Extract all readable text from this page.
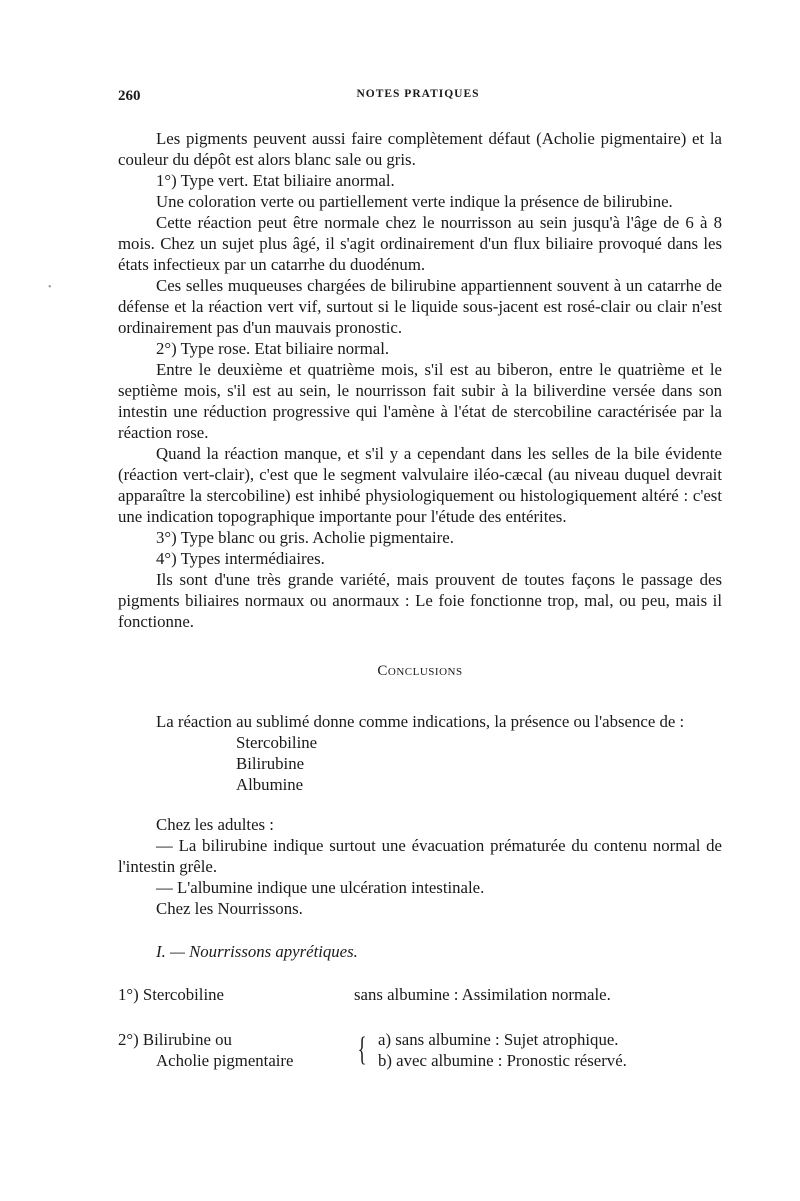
260	NOTES PRATIQUES

Les pigments peuvent aussi faire complètement défaut (Acholie pigmentaire) et la couleur du dépôt est alors blanc sale ou gris.

1°) Type vert. Etat biliaire anormal.

Une coloration verte ou partiellement verte indique la présence de bilirubine.

Cette réaction peut être normale chez le nourrisson au sein jusqu'à l'âge de 6 à 8 mois. Chez un sujet plus âgé, il s'agit ordinairement d'un flux biliaire provoqué dans les états infectieux par un catarrhe du duodénum.

Ces selles muqueuses chargées de bilirubine appartiennent souvent à un catarrhe de défense et la réaction vert vif, surtout si le liquide sous-jacent est rosé-clair ou clair n'est ordinairement pas d'un mauvais pronostic.

2°) Type rose. Etat biliaire normal.

Entre le deuxième et quatrième mois, s'il est au biberon, entre le quatrième et le septième mois, s'il est au sein, le nourrisson fait subir à la biliverdine versée dans son intestin une réduction progressive qui l'amène à l'état de stercobiline caractérisée par la réaction rose.

Quand la réaction manque, et s'il y a cependant dans les selles de la bile évidente (réaction vert-clair), c'est que le segment valvulaire iléo-cæcal (au niveau duquel devrait apparaître la stercobiline) est inhibé physiologiquement ou histologiquement altéré : c'est une indication topographique importante pour l'étude des entérites.

3°) Type blanc ou gris. Acholie pigmentaire.

4°) Types intermédiaires.

Ils sont d'une très grande variété, mais prouvent de toutes façons le passage des pigments biliaires normaux ou anormaux : Le foie fonctionne trop, mal, ou peu, mais il fonctionne.

Conclusions

La réaction au sublimé donne comme indications, la présence ou l'absence de :

Stercobiline
Bilirubine
Albumine

Chez les adultes :

— La bilirubine indique surtout une évacuation prématurée du contenu normal de l'intestin grêle.

— L'albumine indique une ulcération intestinale.

Chez les Nourrissons.

I. — Nourrissons apyrétiques.

1°) Stercobiline	sans albumine : Assimilation normale.
2°) Bilirubine ou
Acholie pigmentaire	{ a) sans albumine : Sujet atrophique.
b) avec albumine : Pronostic réservé.
•
